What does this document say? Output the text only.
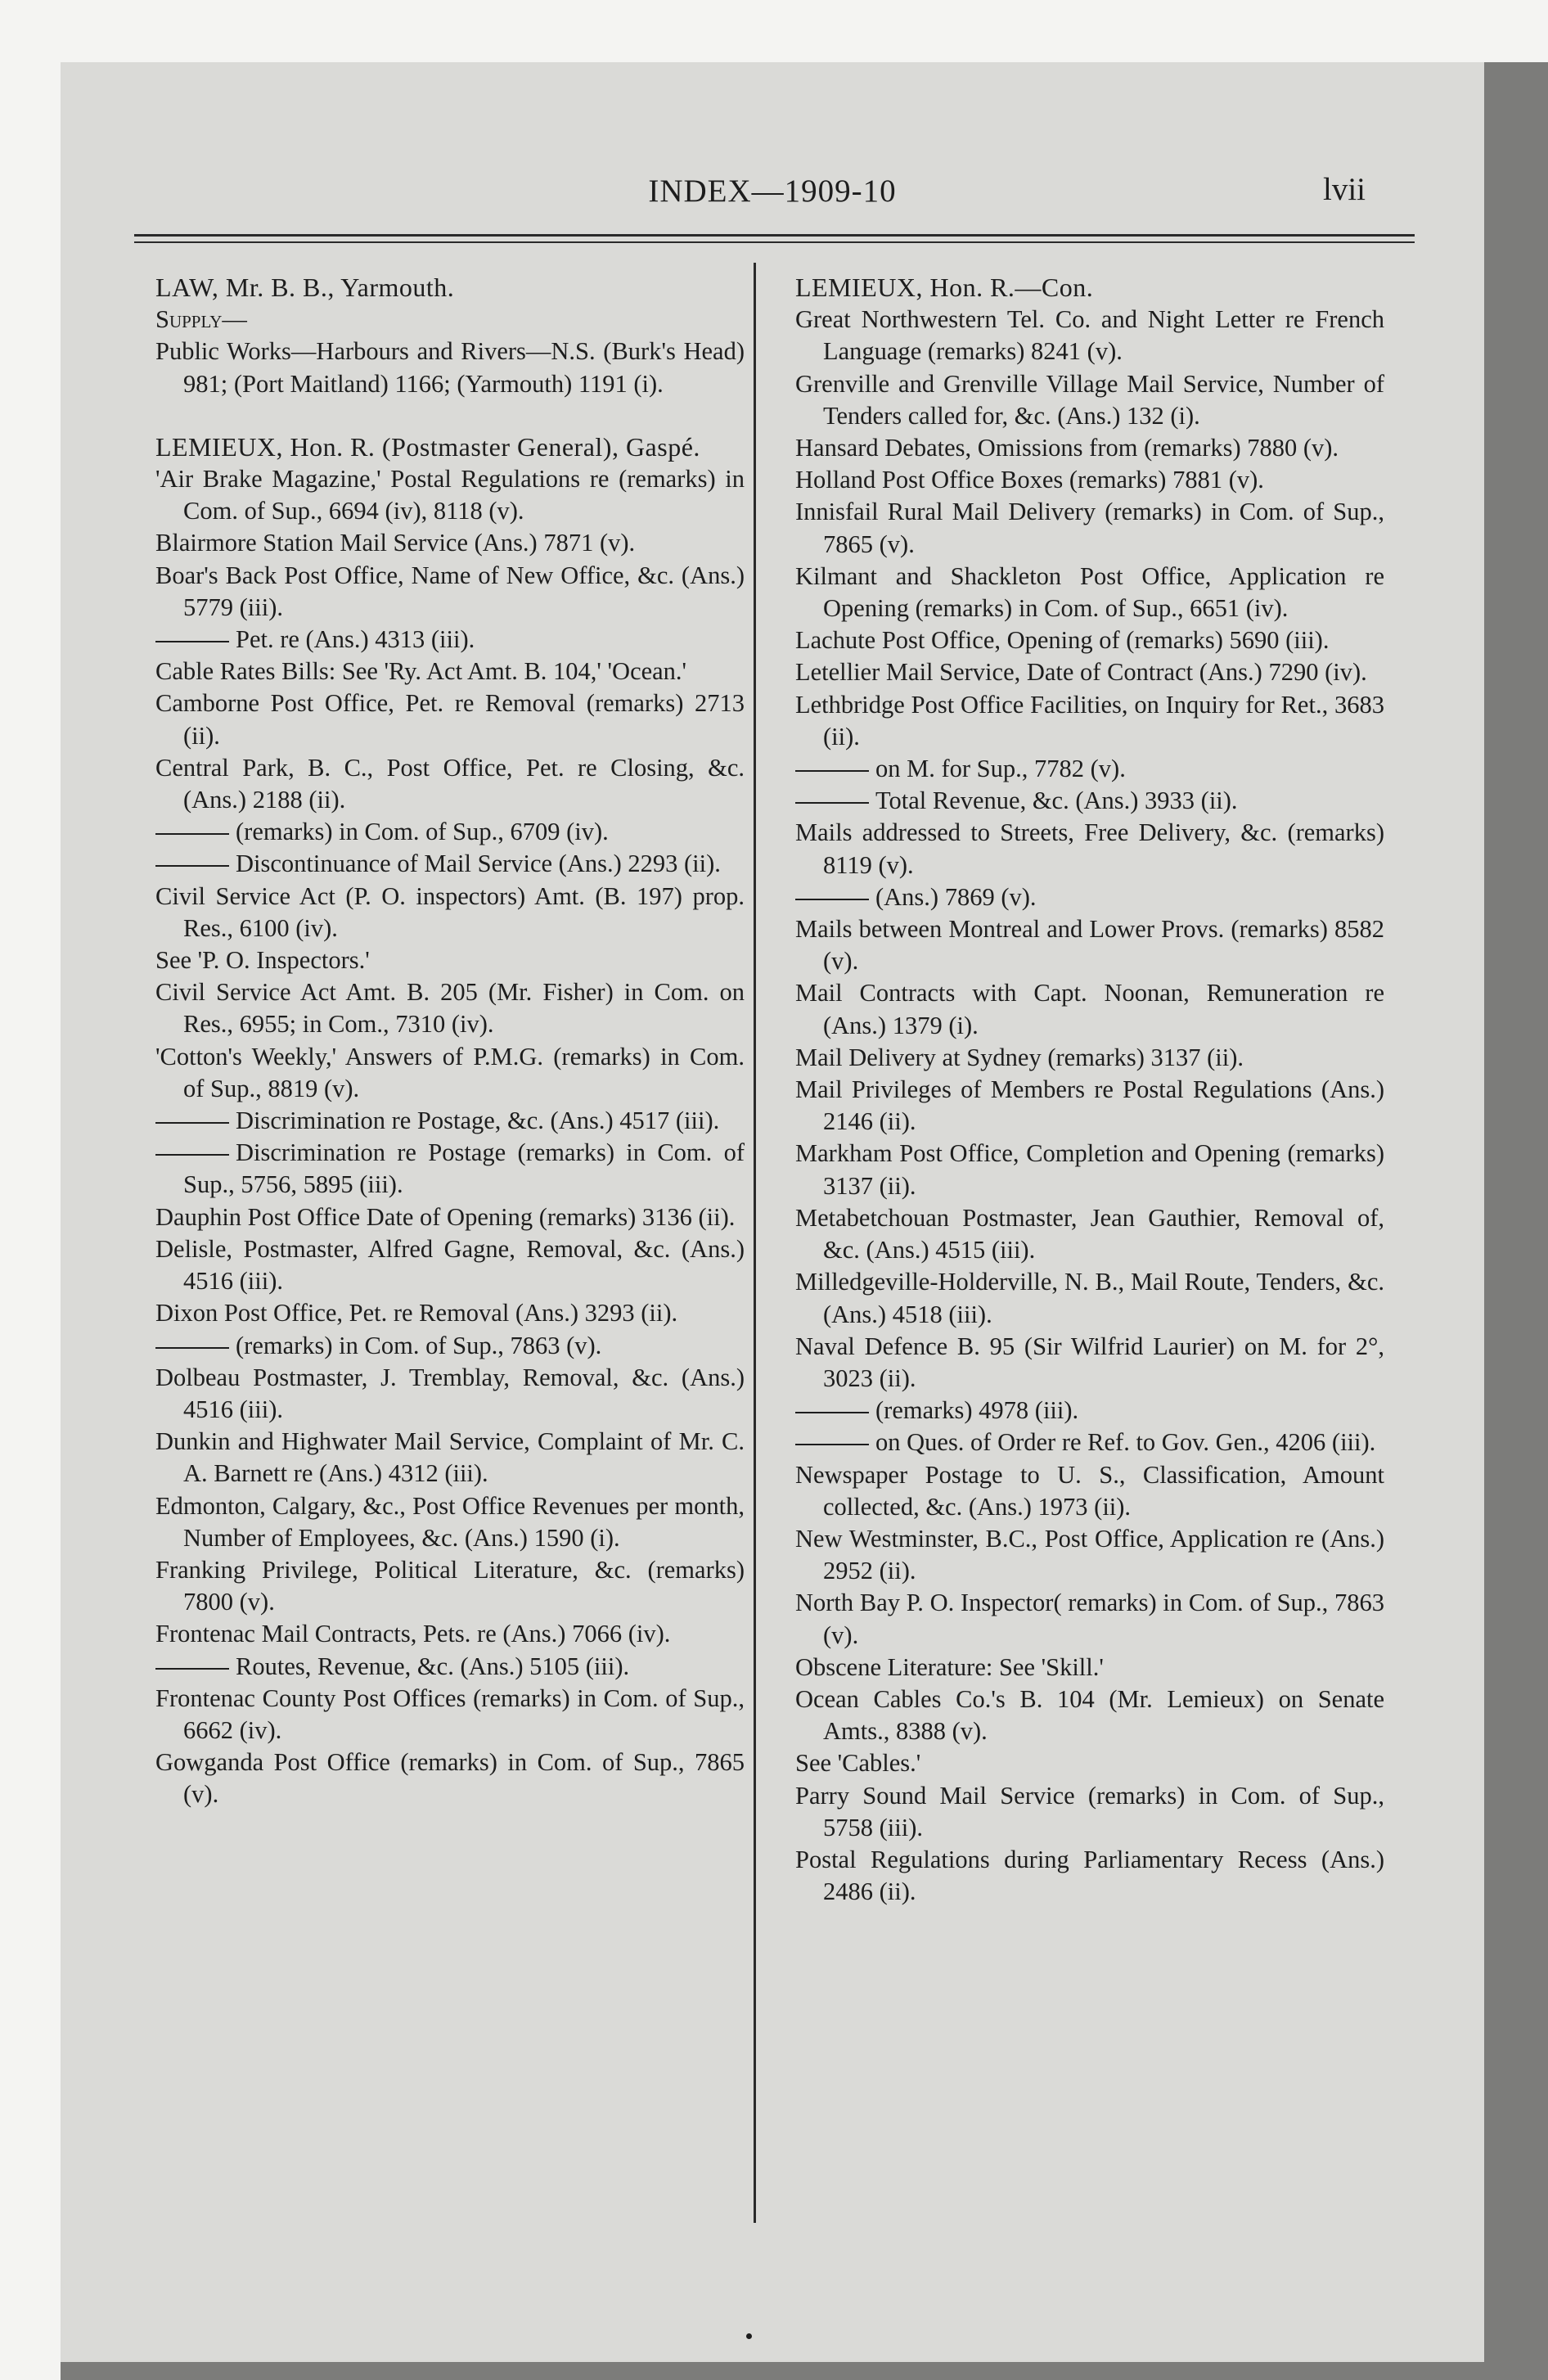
INDEX—1909-10	lvii
LAW, Mr. B. B., Yarmouth.
Supply—
Public Works—Harbours and Rivers—N.S. (Burk's Head) 981; (Port Maitland) 1166; (Yarmouth) 1191 (i).
LEMIEUX, Hon. R. (Postmaster General), Gaspé.
'Air Brake Magazine,' Postal Regulations re (remarks) in Com. of Sup., 6694 (iv), 8118 (v).
Blairmore Station Mail Service (Ans.) 7871 (v).
Boar's Back Post Office, Name of New Office, &c. (Ans.) 5779 (iii).
Pet. re (Ans.) 4313 (iii).
Cable Rates Bills: See 'Ry. Act Amt. B. 104,' 'Ocean.'
Camborne Post Office, Pet. re Removal (remarks) 2713 (ii).
Central Park, B. C., Post Office, Pet. re Closing, &c. (Ans.) 2188 (ii).
(remarks) in Com. of Sup., 6709 (iv).
Discontinuance of Mail Service (Ans.) 2293 (ii).
Civil Service Act (P. O. inspectors) Amt. (B. 197) prop. Res., 6100 (iv).
See 'P. O. Inspectors.'
Civil Service Act Amt. B. 205 (Mr. Fisher) in Com. on Res., 6955; in Com., 7310 (iv).
'Cotton's Weekly,' Answers of P.M.G. (remarks) in Com. of Sup., 8819 (v).
Discrimination re Postage, &c. (Ans.) 4517 (iii).
Discrimination re Postage (remarks) in Com. of Sup., 5756, 5895 (iii).
Dauphin Post Office Date of Opening (remarks) 3136 (ii).
Delisle, Postmaster, Alfred Gagne, Removal, &c. (Ans.) 4516 (iii).
Dixon Post Office, Pet. re Removal (Ans.) 3293 (ii).
(remarks) in Com. of Sup., 7863 (v).
Dolbeau Postmaster, J. Tremblay, Removal, &c. (Ans.) 4516 (iii).
Dunkin and Highwater Mail Service, Complaint of Mr. C. A. Barnett re (Ans.) 4312 (iii).
Edmonton, Calgary, &c., Post Office Revenues per month, Number of Employees, &c. (Ans.) 1590 (i).
Franking Privilege, Political Literature, &c. (remarks) 7800 (v).
Frontenac Mail Contracts, Pets. re (Ans.) 7066 (iv).
Routes, Revenue, &c. (Ans.) 5105 (iii).
Frontenac County Post Offices (remarks) in Com. of Sup., 6662 (iv).
Gowganda Post Office (remarks) in Com. of Sup., 7865 (v).
LEMIEUX, Hon. R.—Con.
Great Northwestern Tel. Co. and Night Letter re French Language (remarks) 8241 (v).
Grenville and Grenville Village Mail Service, Number of Tenders called for, &c. (Ans.) 132 (i).
Hansard Debates, Omissions from (remarks) 7880 (v).
Holland Post Office Boxes (remarks) 7881 (v).
Innisfail Rural Mail Delivery (remarks) in Com. of Sup., 7865 (v).
Kilmant and Shackleton Post Office, Application re Opening (remarks) in Com. of Sup., 6651 (iv).
Lachute Post Office, Opening of (remarks) 5690 (iii).
Letellier Mail Service, Date of Contract (Ans.) 7290 (iv).
Lethbridge Post Office Facilities, on Inquiry for Ret., 3683 (ii).
on M. for Sup., 7782 (v).
Total Revenue, &c. (Ans.) 3933 (ii).
Mails addressed to Streets, Free Delivery, &c. (remarks) 8119 (v).
(Ans.) 7869 (v).
Mails between Montreal and Lower Provs. (remarks) 8582 (v).
Mail Contracts with Capt. Noonan, Remuneration re (Ans.) 1379 (i).
Mail Delivery at Sydney (remarks) 3137 (ii).
Mail Privileges of Members re Postal Regulations (Ans.) 2146 (ii).
Markham Post Office, Completion and Opening (remarks) 3137 (ii).
Metabetchouan Postmaster, Jean Gauthier, Removal of, &c. (Ans.) 4515 (iii).
Milledgeville-Holderville, N. B., Mail Route, Tenders, &c. (Ans.) 4518 (iii).
Naval Defence B. 95 (Sir Wilfrid Laurier) on M. for 2°, 3023 (ii).
(remarks) 4978 (iii).
on Ques. of Order re Ref. to Gov. Gen., 4206 (iii).
Newspaper Postage to U. S., Classification, Amount collected, &c. (Ans.) 1973 (ii).
New Westminster, B.C., Post Office, Application re (Ans.) 2952 (ii).
North Bay P. O. Inspector( remarks) in Com. of Sup., 7863 (v).
Obscene Literature: See 'Skill.'
Ocean Cables Co.'s B. 104 (Mr. Lemieux) on Senate Amts., 8388 (v).
See 'Cables.'
Parry Sound Mail Service (remarks) in Com. of Sup., 5758 (iii).
Postal Regulations during Parliamentary Recess (Ans.) 2486 (ii).
